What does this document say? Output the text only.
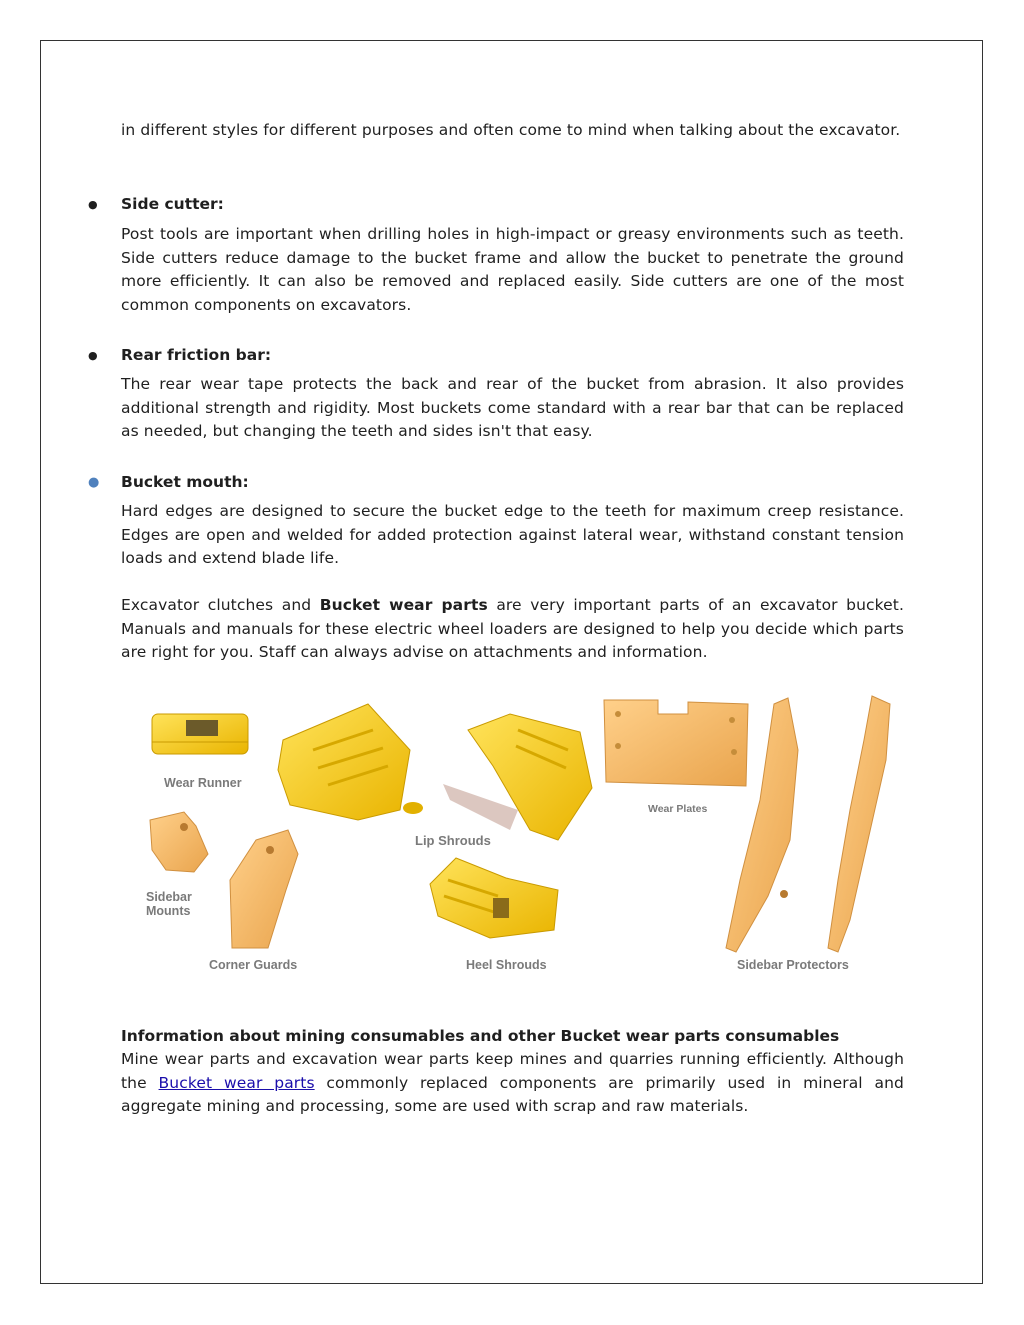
in different styles for different purposes and often come to mind when talking about the excavator.

● Side cutter:

Post tools are important when drilling holes in high-impact or greasy environments such as teeth. Side cutters reduce damage to the bucket frame and allow the bucket to penetrate the ground more efficiently. It can also be removed and replaced easily. Side cutters are one of the most common components on excavators.

● Rear friction bar:

The rear wear tape protects the back and rear of the bucket from abrasion. It also provides additional strength and rigidity. Most buckets come standard with a rear bar that can be replaced as needed, but changing the teeth and sides isn't that easy.

● Bucket mouth:

Hard edges are designed to secure the bucket edge to the teeth for maximum creep resistance. Edges are open and welded for added protection against lateral wear, withstand constant tension loads and extend blade life.

Excavator clutches and Bucket wear parts are very important parts of an excavator bucket. Manuals and manuals for these electric wheel loaders are designed to help you decide which parts are right for you. Staff can always advise on attachments and information.

Wear Runner
Lip Shrouds
Wear Plates
Sidebar
Mounts
Corner Guards	Heel Shrouds	Sidebar Protectors
Information about mining consumables and other Bucket wear parts consumables

Mine wear parts and excavation wear parts keep mines and quarries running efficiently. Although the Bucket wear parts commonly replaced components are primarily used in mineral and aggregate mining and processing, some are used with scrap and raw materials.
